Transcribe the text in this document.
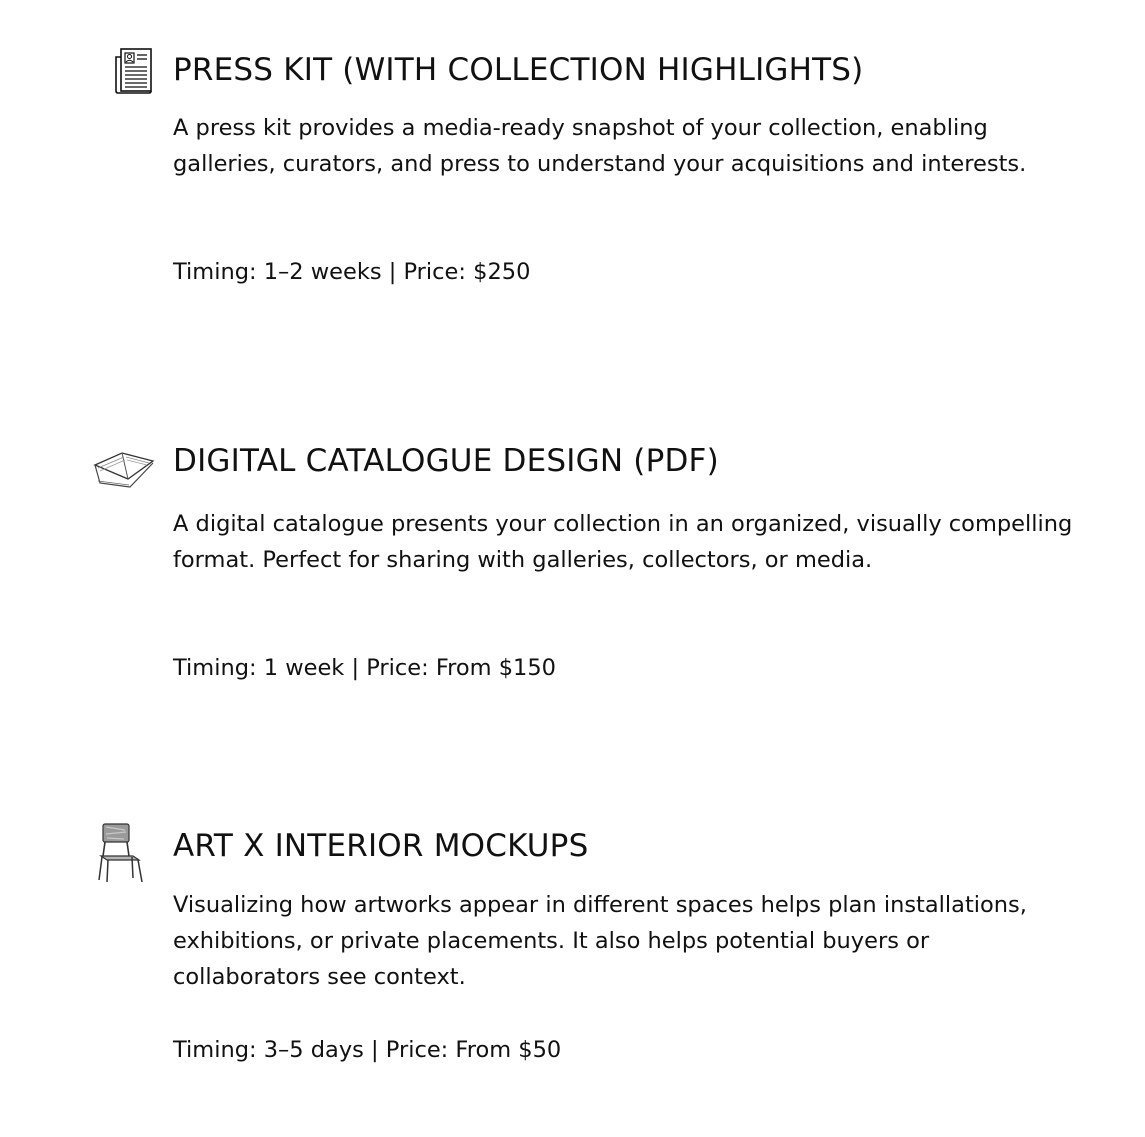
PRESS KIT (WITH COLLECTION HIGHLIGHTS)

A press kit provides a media-ready snapshot of your collection, enabling galleries, curators, and press to understand your acquisitions and interests.

Timing: 1–2 weeks | Price: $250

DIGITAL CATALOGUE DESIGN (PDF)

A digital catalogue presents your collection in an organized, visually compelling format. Perfect for sharing with galleries, collectors, or media.

Timing: 1 week | Price: From $150

ART X INTERIOR MOCKUPS

Visualizing how artworks appear in different spaces helps plan installations, exhibitions, or private placements. It also helps potential buyers or collaborators see context.

Timing: 3–5 days | Price: From $50
